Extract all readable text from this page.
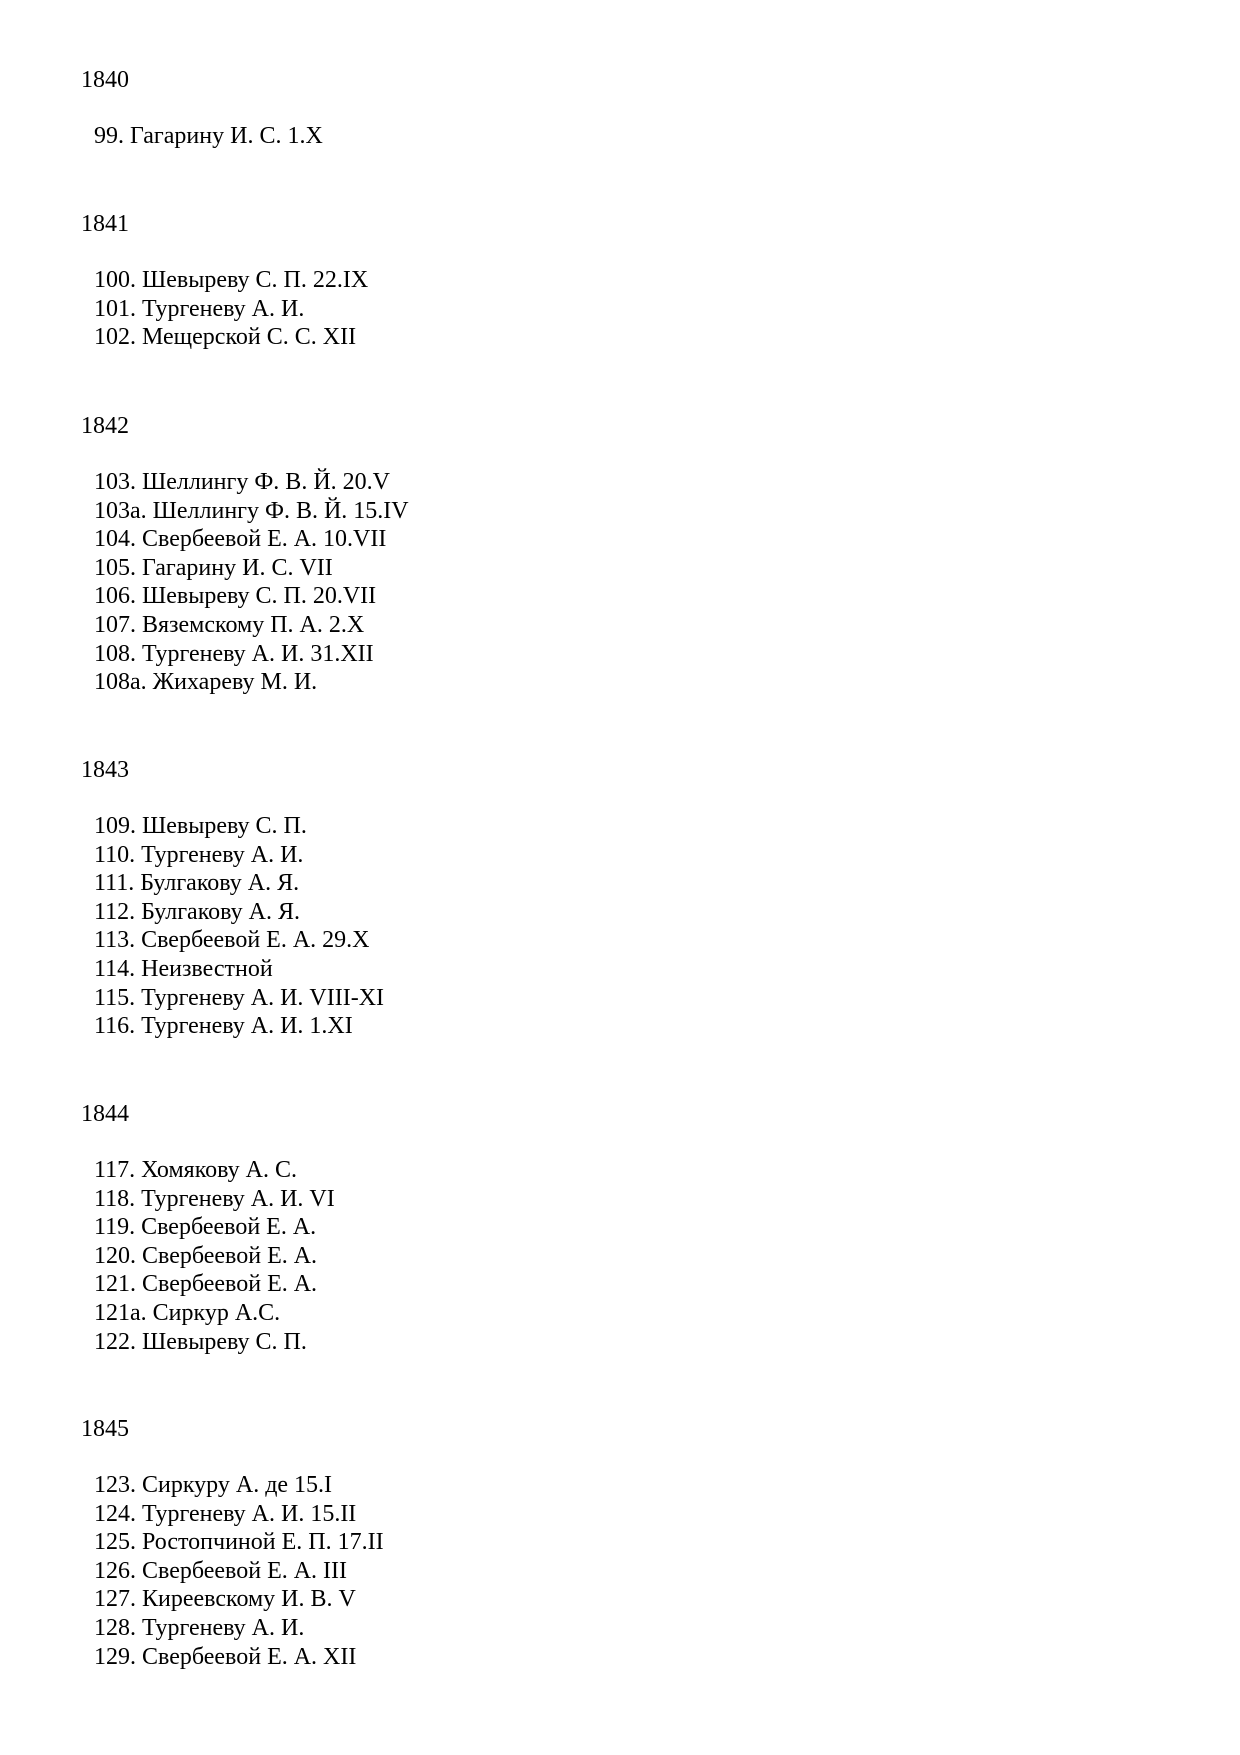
1840
99. Гагарину И. С. 1.X
1841
100. Шевыреву С. П. 22.IX
101. Тургеневу А. И.
102. Мещерской С. С. XII
1842
103. Шеллингу Ф. В. Й. 20.V
103а. Шеллингу Ф. В. Й. 15.IV
104. Свербеевой Е. А. 10.VII
105. Гагарину И. С. VII
106. Шевыреву С. П. 20.VII
107. Вяземскому П. А. 2.X
108. Тургеневу А. И. 31.XII
108а. Жихареву М. И.
1843
109. Шевыреву С. П.
110. Тургеневу А. И.
111. Булгакову А. Я.
112. Булгакову А. Я.
113. Свербеевой Е. А. 29.X
114. Неизвестной
115. Тургеневу А. И. VIII-XI
116. Тургеневу А. И. 1.XI
1844
117. Хомякову А. С.
118. Тургеневу А. И. VI
119. Свербеевой Е. А.
120. Свербеевой Е. А.
121. Свербеевой Е. А.
121а. Сиркур А.С.
122. Шевыреву С. П.
1845
123. Сиркуру А. де 15.I
124. Тургеневу А. И. 15.II
125. Ростопчиной Е. П. 17.II
126. Свербеевой Е. А. III
127. Киреевскому И. В. V
128. Тургеневу А. И.
129. Свербеевой Е. А. XII
